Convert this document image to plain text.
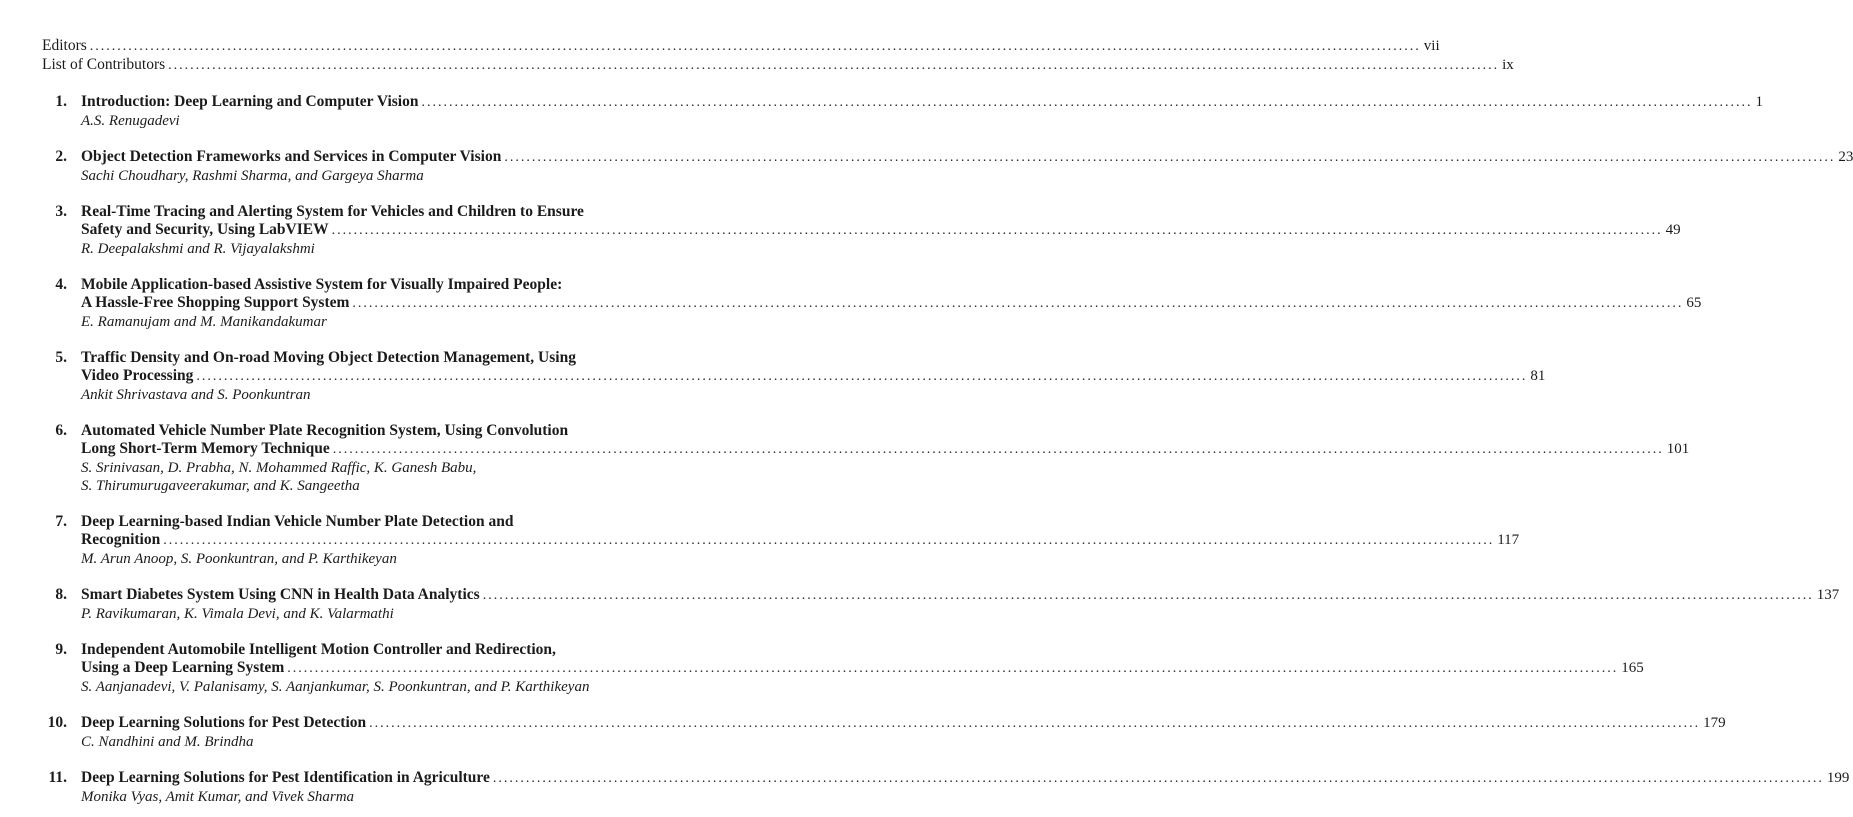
Editors .....	vii
List of Contributors .....	ix
1. Introduction: Deep Learning and Computer Vision .....	1
A.S. Renugadevi
2. Object Detection Frameworks and Services in Computer Vision .....	23
Sachi Choudhary, Rashmi Sharma, and Gargeya Sharma
3. Real-Time Tracing and Alerting System for Vehicles and Children to Ensure
Safety and Security, Using LabVIEW .....	49
R. Deepalakshmi and R. Vijayalakshmi
4. Mobile Application-based Assistive System for Visually Impaired People:
A Hassle-Free Shopping Support System .....	65
E. Ramanujam and M. Manikandakumar
5. Traffic Density and On-road Moving Object Detection Management, Using
Video Processing .....	81
Ankit Shrivastava and S. Poonkuntran
6. Automated Vehicle Number Plate Recognition System, Using Convolution
Long Short-Term Memory Technique .....	101
S. Srinivasan, D. Prabha, N. Mohammed Raffic, K. Ganesh Babu,
S. Thirumurugaveerakumar, and K. Sangeetha
7. Deep Learning-based Indian Vehicle Number Plate Detection and
Recognition .....	117
M. Arun Anoop, S. Poonkuntran, and P. Karthikeyan
8. Smart Diabetes System Using CNN in Health Data Analytics .....	137
P. Ravikumaran, K. Vimala Devi, and K. Valarmathi
9. Independent Automobile Intelligent Motion Controller and Redirection,
Using a Deep Learning System .....	165
S. Aanjanadevi, V. Palanisamy, S. Aanjankumar, S. Poonkuntran, and P. Karthikeyan
10. Deep Learning Solutions for Pest Detection .....	179
C. Nandhini and M. Brindha
11. Deep Learning Solutions for Pest Identification in Agriculture .....	199
Monika Vyas, Amit Kumar, and Vivek Sharma
